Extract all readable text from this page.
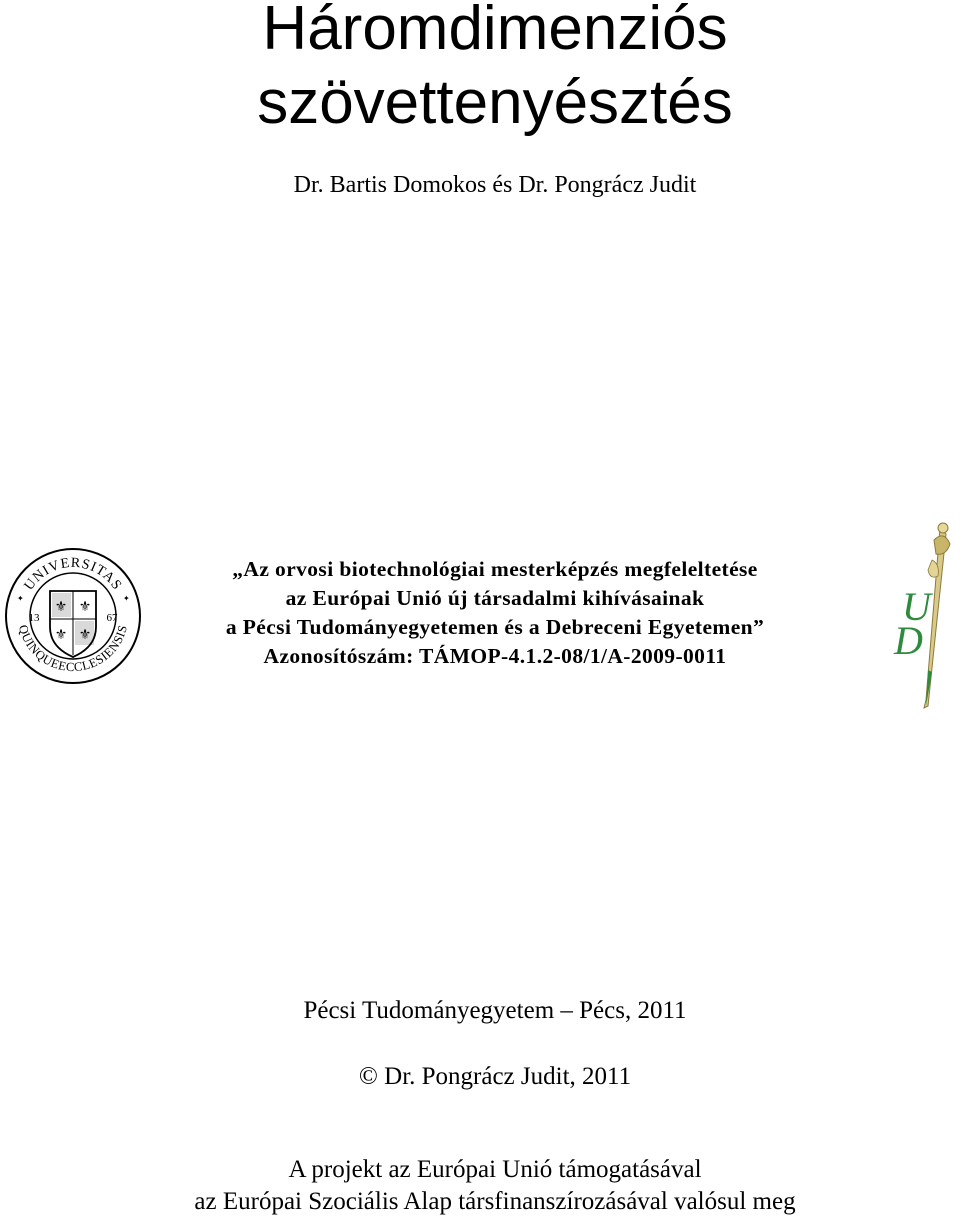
Háromdimenziós
szövettenyésztés
Dr. Bartis Domokos és Dr. Pongrácz Judit
UNIVERSITAS
QUINQUEECCLESIENSIS
13	67
⚜ ⚜
⚜ ⚜
✦	✦
„Az orvosi biotechnológiai mesterképzés megfeleltetése
az Európai Unió új társadalmi kihívásainak
a Pécsi Tudományegyetemen és a Debreceni Egyetemen”
Azonosítószám: TÁMOP-4.1.2-08/1/A-2009-0011
U
D
Pécsi Tudományegyetem – Pécs, 2011
© Dr. Pongrácz Judit, 2011
A projekt az Európai Unió támogatásával
az Európai Szociális Alap társfinanszírozásával valósul meg
